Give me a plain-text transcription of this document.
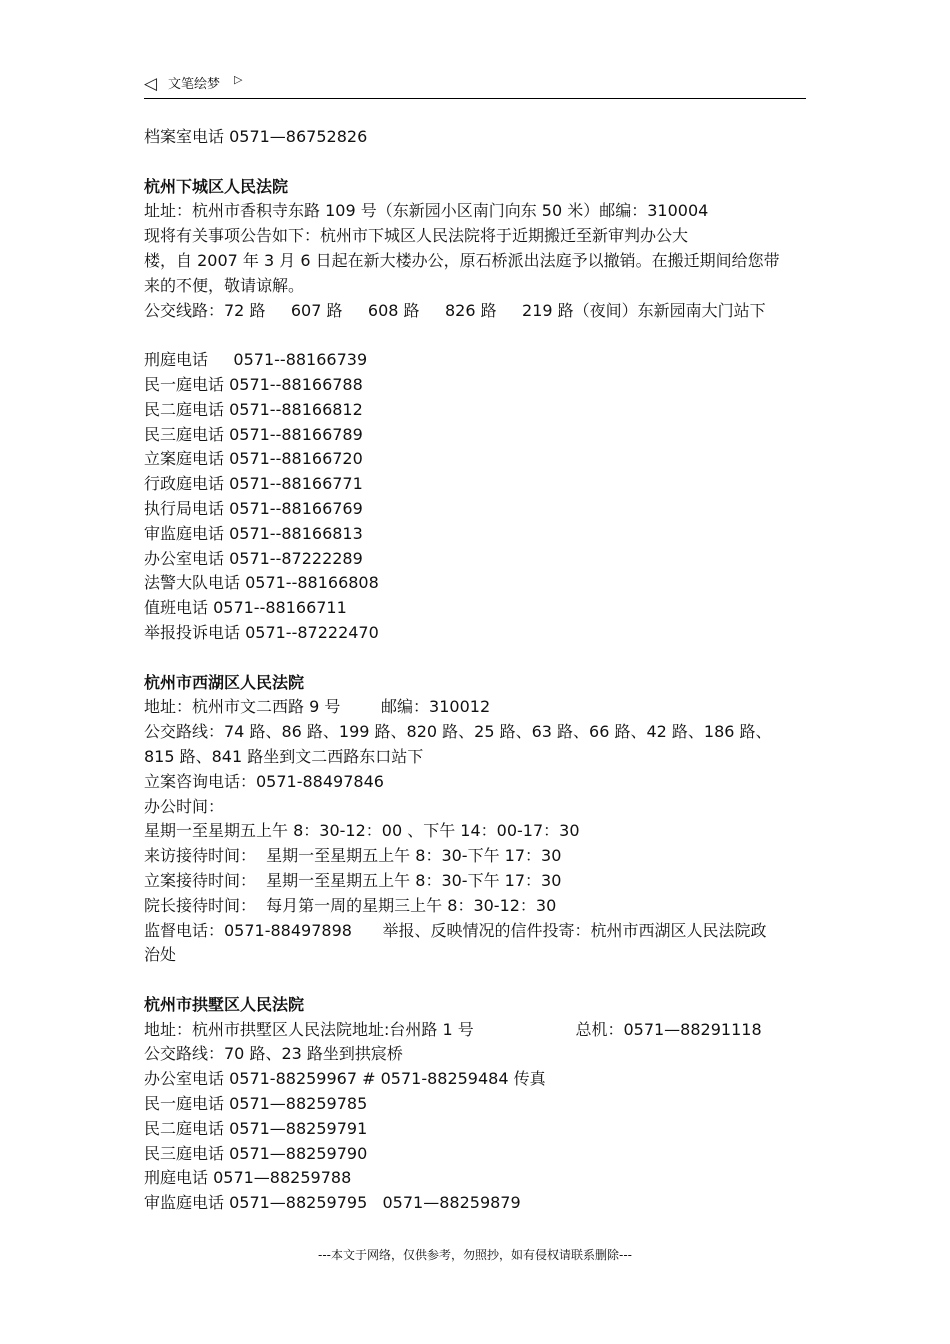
◁ 文笔绘梦 ▷
档案室电话 0571—86752826
杭州下城区人民法院
址址：杭州市香积寺东路 109 号（东新园小区南门向东 50 米）邮编：310004
现将有关事项公告如下：杭州市下城区人民法院将于近期搬迁至新审判办公大
楼，自 2007 年 3 月 6 日起在新大楼办公，原石桥派出法庭予以撤销。在搬迁期间给您带
来的不便，敬请谅解。
公交线路：72 路     607 路     608 路     826 路     219 路（夜间）东新园南大门站下
刑庭电话     0571--88166739
民一庭电话 0571--88166788
民二庭电话 0571--88166812
民三庭电话 0571--88166789
立案庭电话 0571--88166720
行政庭电话 0571--88166771
执行局电话 0571--88166769
审监庭电话 0571--88166813
办公室电话 0571--87222289
法警大队电话 0571--88166808
值班电话 0571--88166711
举报投诉电话 0571--87222470
杭州市西湖区人民法院
地址：杭州市文二西路 9 号        邮编：310012
公交路线：74 路、86 路、199 路、820 路、25 路、63 路、66 路、42 路、186 路、
815 路、841 路坐到文二西路东口站下
立案咨询电话：0571-88497846
办公时间：
星期一至星期五上午 8：30-12：00 、下午 14：00-17：30
来访接待时间：  星期一至星期五上午 8：30-下午 17：30
立案接待时间：  星期一至星期五上午 8：30-下午 17：30
院长接待时间：  每月第一周的星期三上午 8：30-12：30
监督电话：0571-88497898      举报、反映情况的信件投寄：杭州市西湖区人民法院政
治处
杭州市拱墅区人民法院
地址：杭州市拱墅区人民法院地址:台州路 1 号                    总机：0571—88291118
公交路线：70 路、23 路坐到拱宸桥
办公室电话 0571-88259967 # 0571-88259484 传真
民一庭电话 0571—88259785
民二庭电话 0571—88259791
民三庭电话 0571—88259790
刑庭电话 0571—88259788
审监庭电话 0571—88259795   0571—88259879
---本文于网络，仅供参考，勿照抄，如有侵权请联系删除---
